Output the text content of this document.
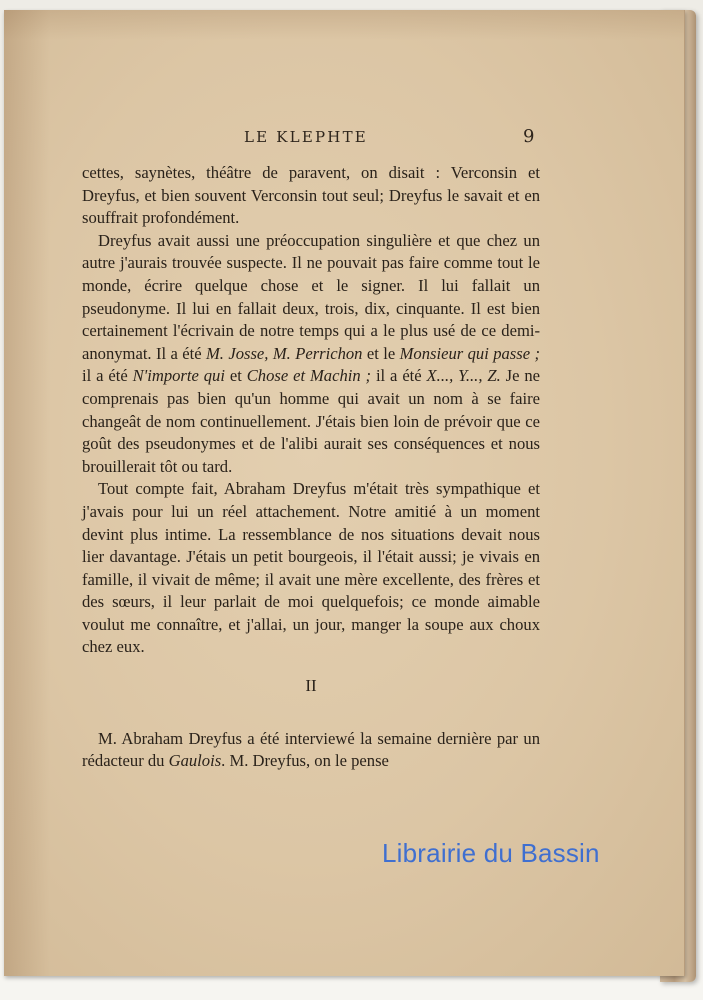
LE KLEPHTE	9

cettes, saynètes, théâtre de paravent, on disait : Verconsin et Dreyfus, et bien souvent Verconsin tout seul; Dreyfus le savait et en souffrait profondément.

Dreyfus avait aussi une préoccupation singulière et que chez un autre j'aurais trouvée suspecte. Il ne pouvait pas faire comme tout le monde, écrire quelque chose et le signer. Il lui fallait un pseudonyme. Il lui en fallait deux, trois, dix, cinquante. Il est bien certainement l'écrivain de notre temps qui a le plus usé de ce demi-anonymat. Il a été M. Josse, M. Perrichon et le Monsieur qui passe ; il a été N'importe qui et Chose et Machin ; il a été X..., Y..., Z. Je ne comprenais pas bien qu'un homme qui avait un nom à se faire changeât de nom continuellement. J'étais bien loin de prévoir que ce goût des pseudonymes et de l'alibi aurait ses conséquences et nous brouillerait tôt ou tard.

Tout compte fait, Abraham Dreyfus m'était très sympathique et j'avais pour lui un réel attachement. Notre amitié à un moment devint plus intime. La ressemblance de nos situations devait nous lier davantage. J'étais un petit bourgeois, il l'était aussi; je vivais en famille, il vivait de même; il avait une mère excellente, des frères et des sœurs, il leur parlait de moi quelquefois; ce monde aimable voulut me connaître, et j'allai, un jour, manger la soupe aux choux chez eux.

II

M. Abraham Dreyfus a été interviewé la semaine dernière par un rédacteur du Gaulois. M. Dreyfus, on le pense

Librairie du Bassin
